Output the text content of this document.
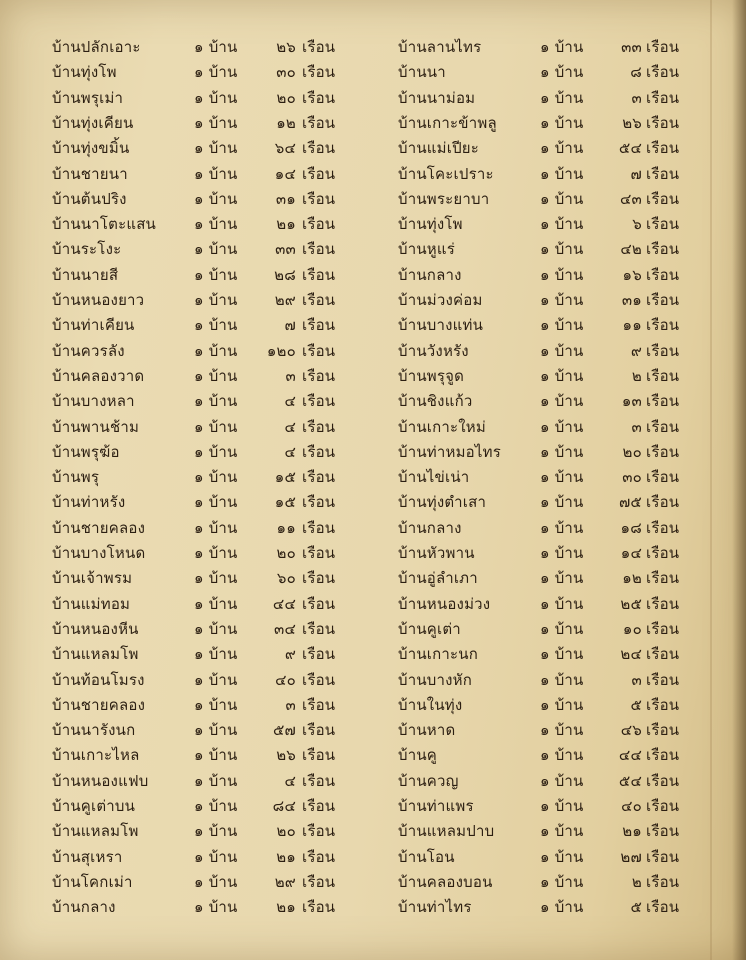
บ้านปลักเอาะ	๑ บ้าน	๒๖ เรือน	บ้านลานไทร	๑ บ้าน	๓๓ เรือน
บ้านทุ่งโพ	๑ บ้าน	๓๐ เรือน	บ้านนา	๑ บ้าน	๘ เรือน
บ้านพรุเม่า	๑ บ้าน	๒๐ เรือน	บ้านนาม่อม	๑ บ้าน	๓ เรือน
บ้านทุ่งเคียน	๑ บ้าน	๑๒ เรือน	บ้านเกาะข้าพลู	๑ บ้าน	๒๖ เรือน
บ้านทุ่งขมิ้น	๑ บ้าน	๖๔ เรือน	บ้านแม่เปียะ	๑ บ้าน	๕๔ เรือน
บ้านชายนา	๑ บ้าน	๑๔ เรือน	บ้านโคะเปราะ	๑ บ้าน	๗ เรือน
บ้านต้นปริง	๑ บ้าน	๓๑ เรือน	บ้านพระยาบา	๑ บ้าน	๔๓ เรือน
บ้านนาโตะแสน	๑ บ้าน	๒๑ เรือน	บ้านทุ่งโพ	๑ บ้าน	๖ เรือน
บ้านระโงะ	๑ บ้าน	๓๓ เรือน	บ้านหูแร่	๑ บ้าน	๔๒ เรือน
บ้านนายสี	๑ บ้าน	๒๘ เรือน	บ้านกลาง	๑ บ้าน	๑๖ เรือน
บ้านหนองยาว	๑ บ้าน	๒๙ เรือน	บ้านม่วงค่อม	๑ บ้าน	๓๑ เรือน
บ้านท่าเคียน	๑ บ้าน	๗ เรือน	บ้านบางแท่น	๑ บ้าน	๑๑ เรือน
บ้านควรลัง	๑ บ้าน	๑๒๐ เรือน	บ้านวังหรัง	๑ บ้าน	๙ เรือน
บ้านคลองวาด	๑ บ้าน	๓ เรือน	บ้านพรุจูด	๑ บ้าน	๒ เรือน
บ้านบางหลา	๑ บ้าน	๔ เรือน	บ้านชิงแก้ว	๑ บ้าน	๑๓ เรือน
บ้านพานช้าม	๑ บ้าน	๔ เรือน	บ้านเกาะใหม่	๑ บ้าน	๓ เรือน
บ้านพรุฆ้อ	๑ บ้าน	๔ เรือน	บ้านท่าหมอไทร	๑ บ้าน	๒๐ เรือน
บ้านพรุ	๑ บ้าน	๑๕ เรือน	บ้านไข่เน่า	๑ บ้าน	๓๐ เรือน
บ้านท่าหรัง	๑ บ้าน	๑๕ เรือน	บ้านทุ่งตำเสา	๑ บ้าน	๗๕ เรือน
บ้านชายคลอง	๑ บ้าน	๑๑ เรือน	บ้านกลาง	๑ บ้าน	๑๘ เรือน
บ้านบางโหนด	๑ บ้าน	๒๐ เรือน	บ้านหัวพาน	๑ บ้าน	๑๔ เรือน
บ้านเจ้าพรม	๑ บ้าน	๖๐ เรือน	บ้านอู่ลำเภา	๑ บ้าน	๑๒ เรือน
บ้านแม่ทอม	๑ บ้าน	๔๔ เรือน	บ้านหนองม่วง	๑ บ้าน	๒๕ เรือน
บ้านหนองหีน	๑ บ้าน	๓๔ เรือน	บ้านคูเต่า	๑ บ้าน	๑๐ เรือน
บ้านแหลมโพ	๑ บ้าน	๙ เรือน	บ้านเกาะนก	๑ บ้าน	๒๔ เรือน
บ้านท้อนโมรง	๑ บ้าน	๔๐ เรือน	บ้านบางหัก	๑ บ้าน	๓ เรือน
บ้านชายคลอง	๑ บ้าน	๓ เรือน	บ้านในทุ่ง	๑ บ้าน	๕ เรือน
บ้านนารังนก	๑ บ้าน	๕๗ เรือน	บ้านหาด	๑ บ้าน	๔๖ เรือน
บ้านเกาะไหล	๑ บ้าน	๒๖ เรือน	บ้านคู	๑ บ้าน	๔๔ เรือน
บ้านหนองแฟบ	๑ บ้าน	๔ เรือน	บ้านควญ	๑ บ้าน	๕๔ เรือน
บ้านคูเต่าบน	๑ บ้าน	๘๔ เรือน	บ้านท่าแพร	๑ บ้าน	๔๐ เรือน
บ้านแหลมโพ	๑ บ้าน	๒๐ เรือน	บ้านแหลมปาบ	๑ บ้าน	๒๑ เรือน
บ้านสุเหรา	๑ บ้าน	๒๑ เรือน	บ้านโอน	๑ บ้าน	๒๗ เรือน
บ้านโคกเม่า	๑ บ้าน	๒๙ เรือน	บ้านคลองบอน	๑ บ้าน	๒ เรือน
บ้านกลาง	๑ บ้าน	๒๑ เรือน	บ้านท่าไทร	๑ บ้าน	๕ เรือน
